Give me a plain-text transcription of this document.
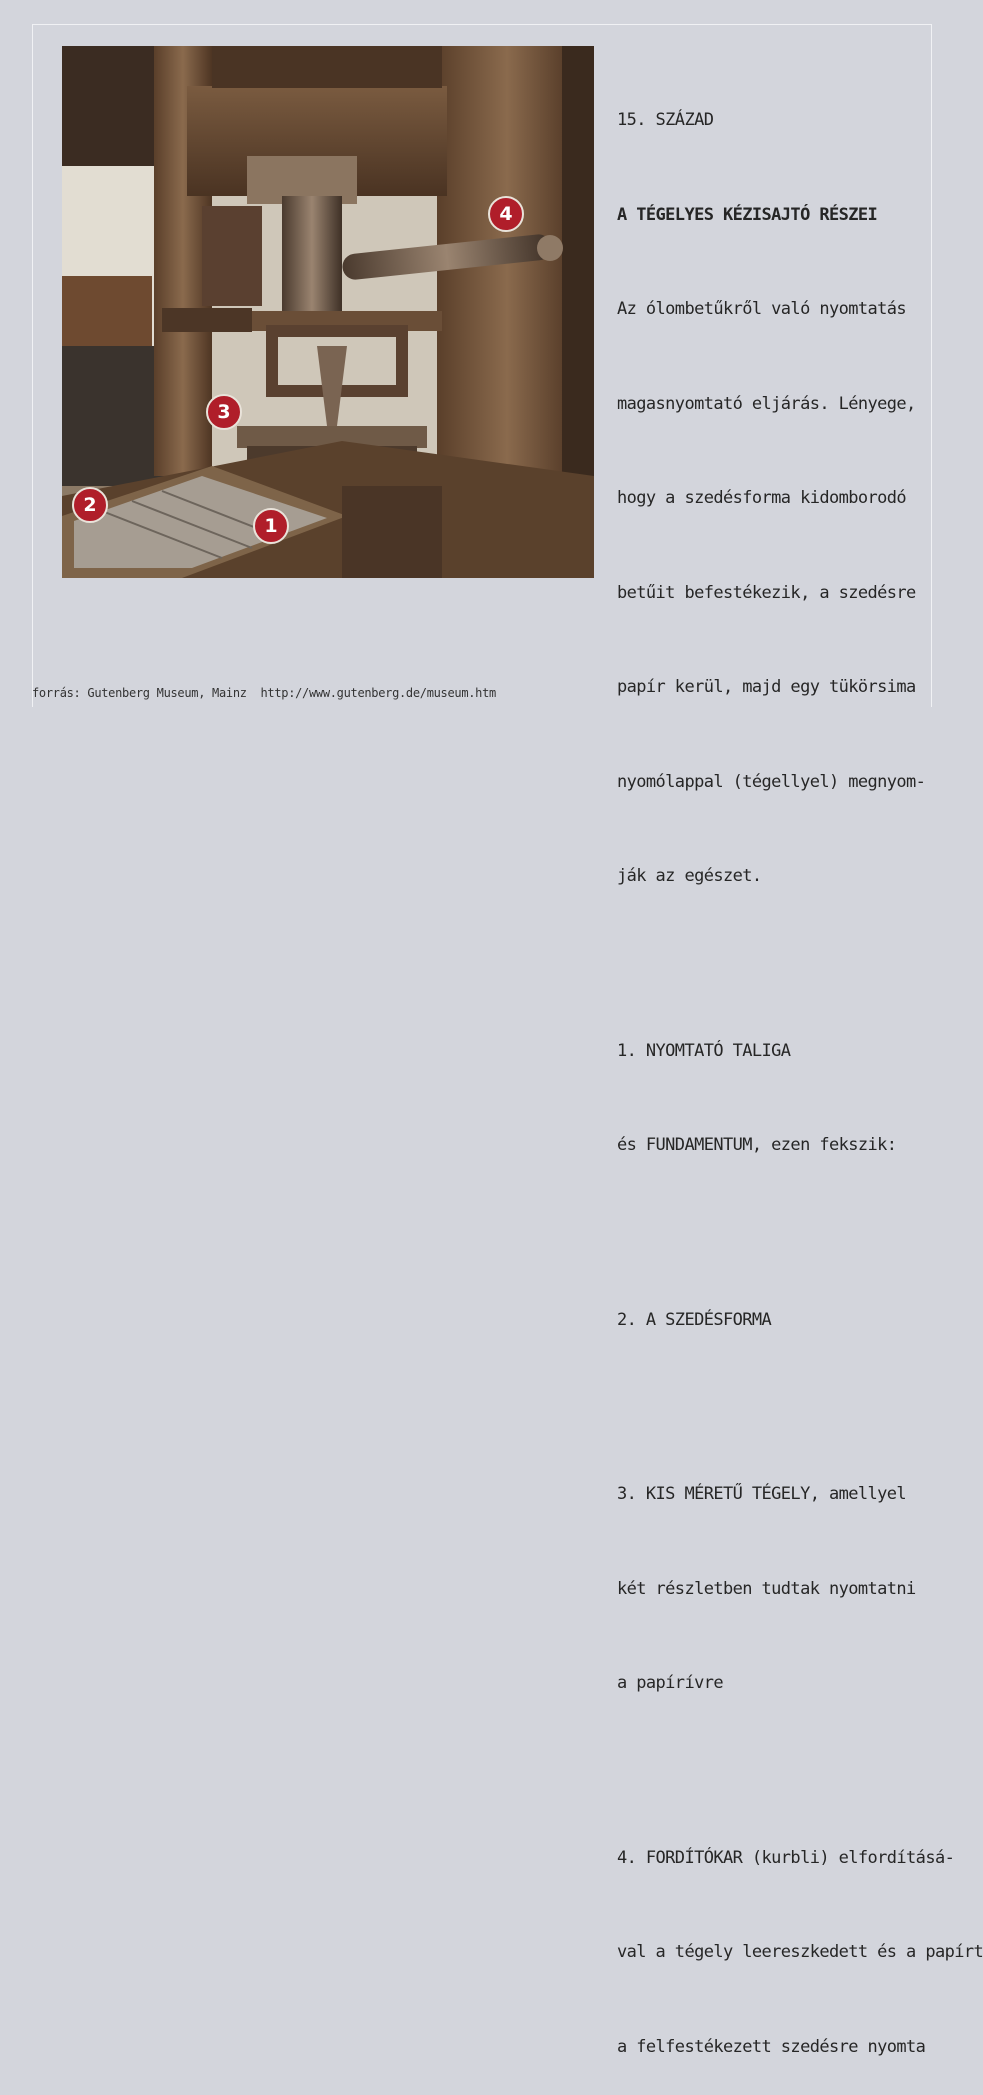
4
3
2
1

15. SZÁZAD

A TÉGELYES KÉZISAJTÓ RÉSZEI

Az ólombetűkről való nyomtatás

magasnyomtató eljárás. Lényege,

hogy a szedésforma kidomborodó

betűit befestékezik, a szedésre

papír kerül, majd egy tükörsima

nyomólappal (tégellyel) megnyom-

ják az egészet.

1. NYOMTATÓ TALIGA

és FUNDAMENTUM, ezen fekszik:

2. A SZEDÉSFORMA

3. KIS MÉRETŰ TÉGELY, amellyel

két részletben tudtak nyomtatni

a papírívre

4. FORDÍTÓKAR (kurbli) elfordításá-

val a tégely leereszkedett és a papírt

a felfestékezett szedésre nyomta

forrás: Gutenberg Museum, Mainz  http://www.gutenberg.de/museum.htm
